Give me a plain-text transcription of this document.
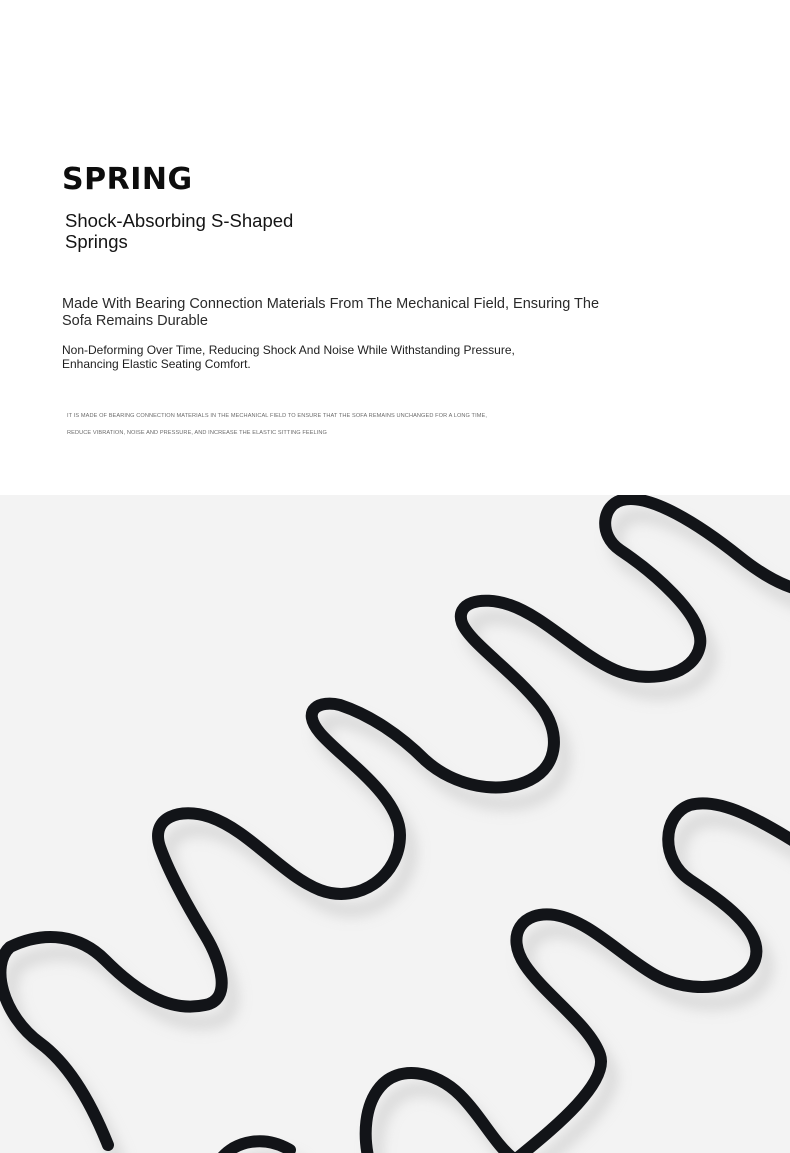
SPRING
Shock-Absorbing S-Shaped Springs

Made With Bearing Connection Materials From The Mechanical Field, Ensuring The Sofa Remains Durable

Non-Deforming Over Time, Reducing Shock And Noise While Withstanding Pressure, Enhancing Elastic Seating Comfort.

IT IS MADE OF BEARING CONNECTION MATERIALS IN THE MECHANICAL FIELD TO ENSURE THAT THE SOFA REMAINS UNCHANGED FOR A LONG TIME, REDUCE VIBRATION, NOISE AND PRESSURE, AND INCREASE THE ELASTIC SITTING FEELING
